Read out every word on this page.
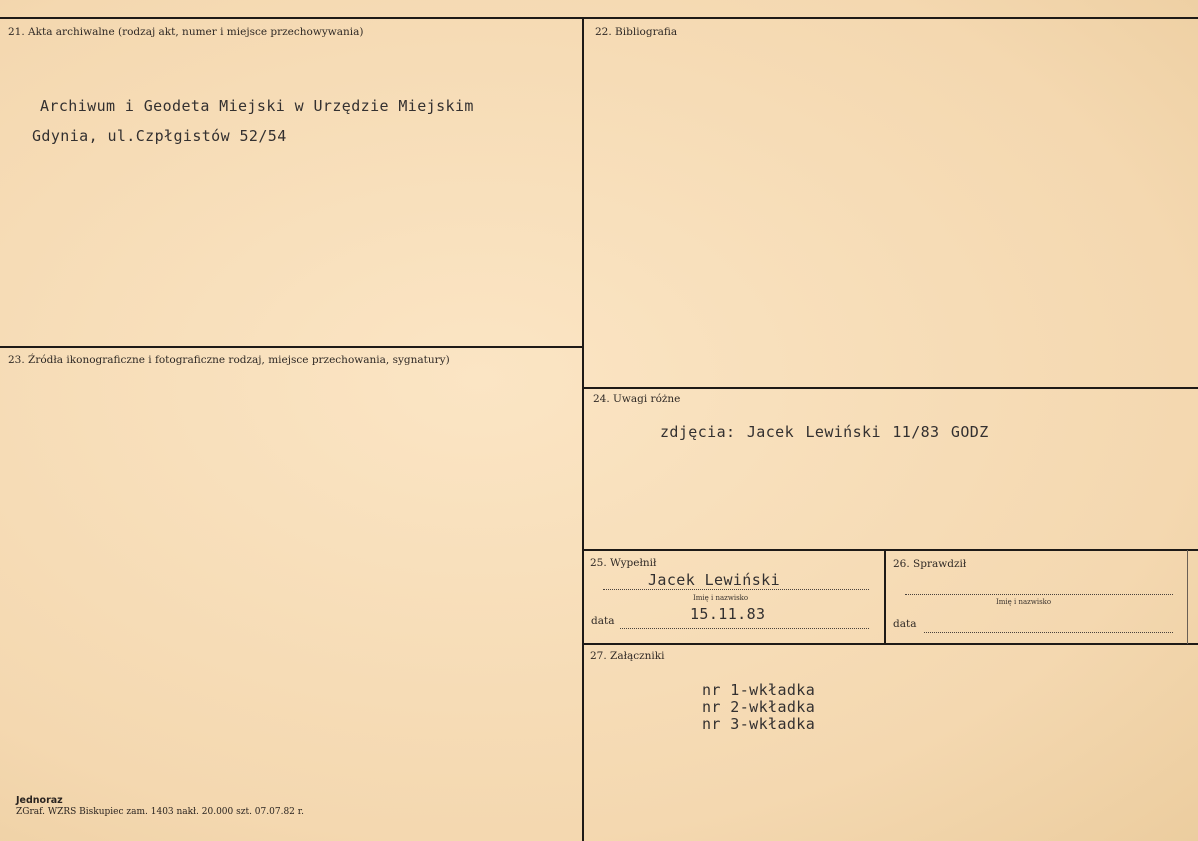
21. Akta archiwalne (rodzaj akt, numer i miejsce przechowywania)
Archiwum i Geodeta Miejski w Urzędzie Miejskim
Gdynia, ul.Czpłgistów 52/54
22. Bibliografia
23. Źródła ikonograficzne i fotograficzne rodzaj, miejsce przechowania, sygnatury)
24. Uwagi różne
zdjęcia: Jacek Lewiński 11/83 GODZ
25. Wypełnił
Jacek Lewiński
Imię i nazwisko
15.11.83
data
26. Sprawdził
Imię i nazwisko
data
27. Załączniki
nr 1-wkładka
nr 2-wkładka
nr 3-wkładka
Jednoraz
ZGraf. WZRS Biskupiec zam. 1403 nakł. 20.000 szt. 07.07.82 r.
